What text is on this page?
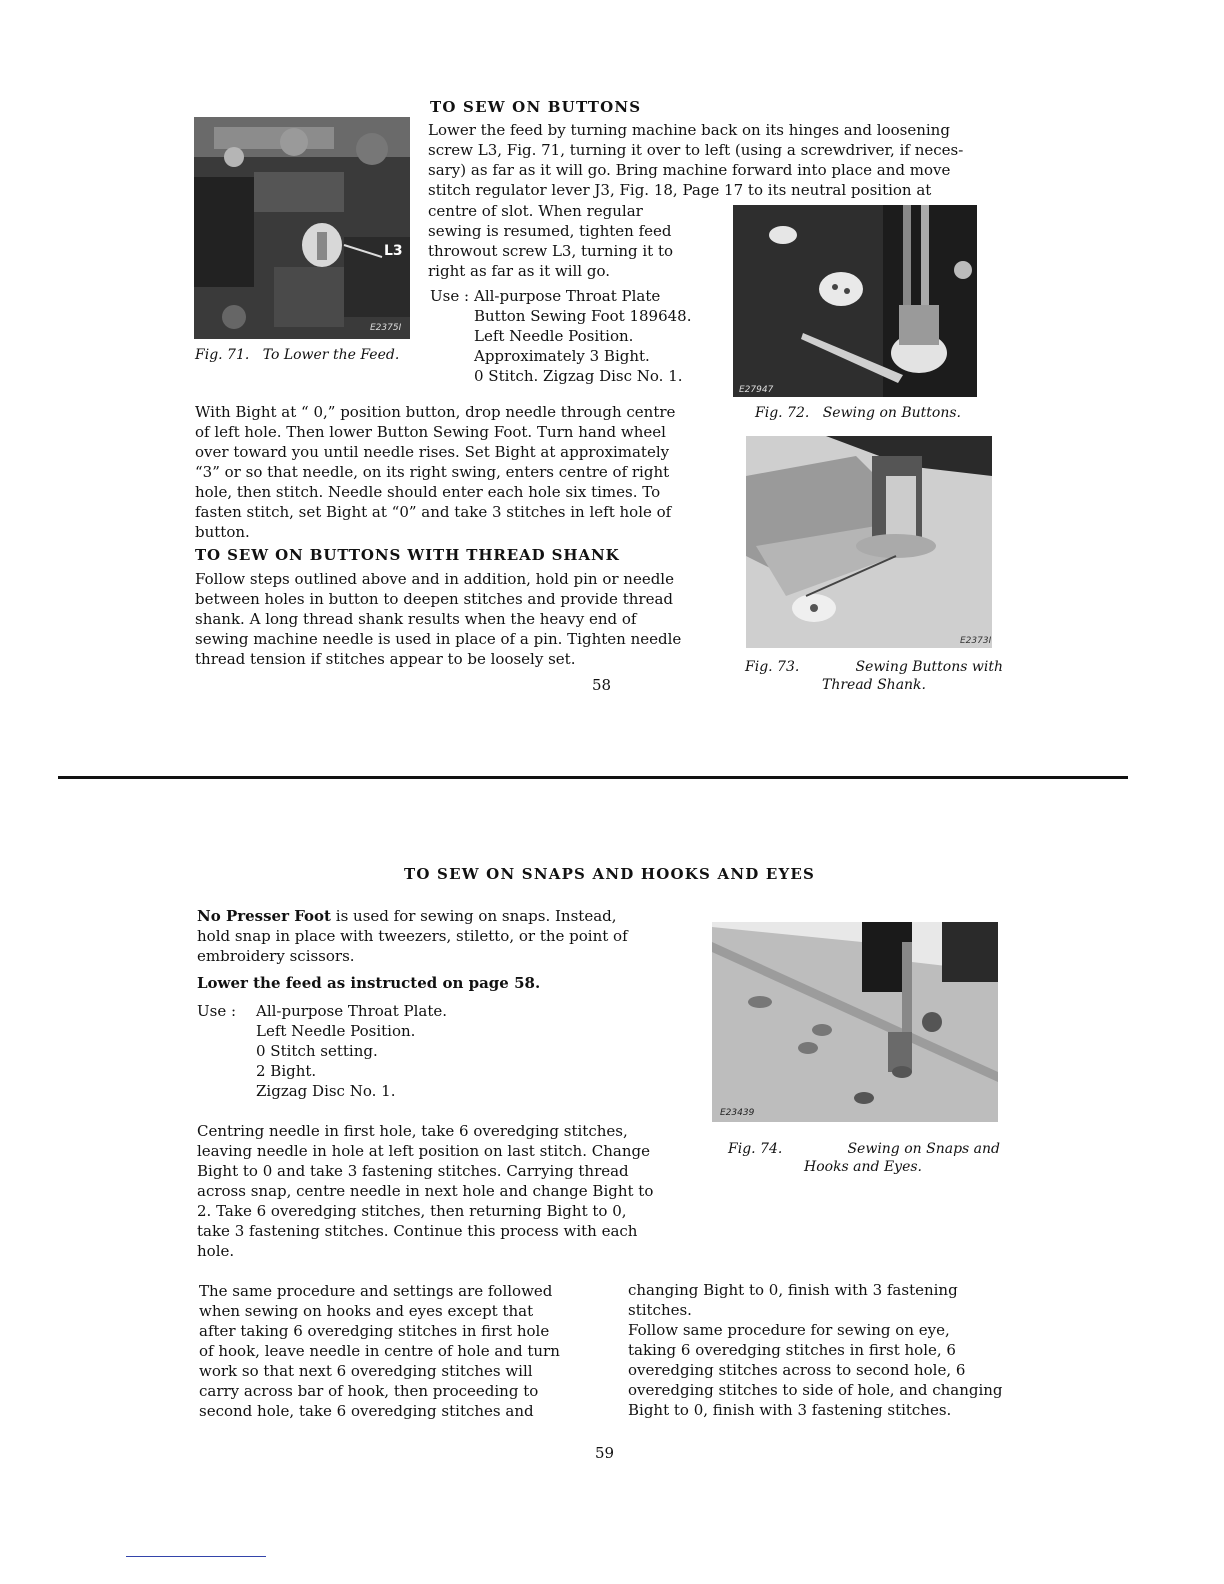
TO SEW ON BUTTONS
L3
E2375I
Fig. 71. To Lower the Feed.
Lower the feed by turning machine back on its hinges and loosening
screw L3, Fig. 71, turning it over to left (using a screwdriver, if neces-
sary) as far as it will go. Bring machine forward into place and move
stitch regulator lever J3, Fig. 18, Page 17 to its neutral position at
centre of slot. When regular
sewing is resumed, tighten feed
throwout screw L3, turning it to
right as far as it will go.
Use : All-purpose Throat Plate
Button Sewing Foot 189648.
Left Needle Position.
Approximately 3 Bight.
0 Stitch. Zigzag Disc No. 1.
E27947
Fig. 72. Sewing on Buttons.
With Bight at “ 0,” position button, drop needle through centre
of left hole. Then lower Button Sewing Foot. Turn hand wheel
over toward you until needle rises. Set Bight at approximately
“3” or so that needle, on its right swing, enters centre of right
hole, then stitch. Needle should enter each hole six times. To
fasten stitch, set Bight at “0” and take 3 stitches in left hole of
button.
TO SEW ON BUTTONS WITH THREAD SHANK
Follow steps outlined above and in addition, hold pin or needle
between holes in button to deepen stitches and provide thread
shank. A long thread shank results when the heavy end of
sewing machine needle is used in place of a pin. Tighten needle
thread tension if stitches appear to be loosely set.
E2373I
Fig. 73.	Sewing Buttons with
Thread Shank.
58
TO SEW ON SNAPS AND HOOKS AND EYES
No Presser Foot is used for sewing on snaps. Instead,
hold snap in place with tweezers, stiletto, or the point of
embroidery scissors.
Lower the feed as instructed on page 58.
Use : All-purpose Throat Plate.
Left Needle Position.
0 Stitch setting.
2 Bight.
Zigzag Disc No. 1.
Centring needle in first hole, take 6 overedging stitches,
leaving needle in hole at left position on last stitch. Change
Bight to 0 and take 3 fastening stitches. Carrying thread
across snap, centre needle in next hole and change Bight to
2. Take 6 overedging stitches, then returning Bight to 0,
take 3 fastening stitches. Continue this process with each
hole.
E23439
Fig. 74.	Sewing on Snaps and
Hooks and Eyes.
The same procedure and settings are followed
when sewing on hooks and eyes except that
after taking 6 overedging stitches in first hole
of hook, leave needle in centre of hole and turn
work so that next 6 overedging stitches will
carry across bar of hook, then proceeding to
second hole, take 6 overedging stitches and
changing Bight to 0, finish with 3 fastening
stitches.
Follow same procedure for sewing on eye,
taking 6 overedging stitches in first hole, 6
overedging stitches across to second hole, 6
overedging stitches to side of hole, and changing
Bight to 0, finish with 3 fastening stitches.
59
